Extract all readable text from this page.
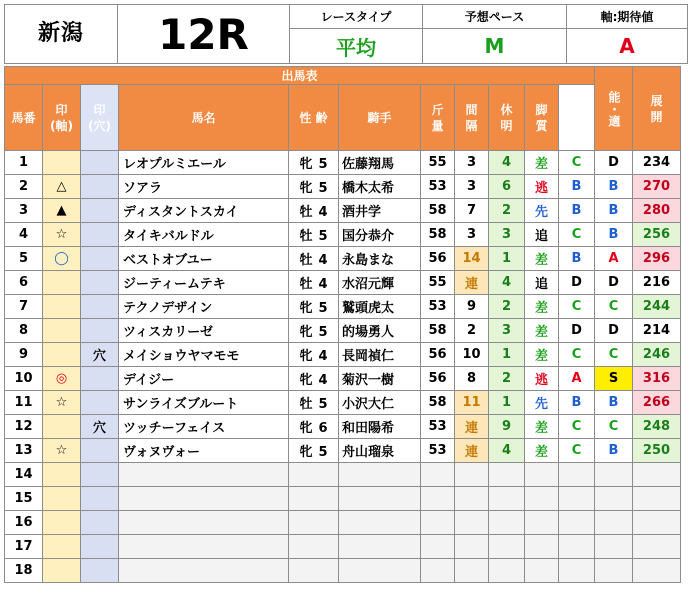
新潟	12R	レースタイプ	予想ペース	軸:期待値
		平均	M	A
出馬表											能・適	展開

馬番	印(軸)	印(穴)	馬名	性 齢	騎手	斤量	間隔	休明	脚質			

1			レオプルミエール	牝 5	佐藤翔馬	55	3	4	差	C	D	234
2	△		ソアラ	牝 5	橋木太希	53	3	6	逃	B	B	270
3	▲		ディスタントスカイ	牡 4	酒井学	58	7	2	先	B	B	280
4	☆		タイキバルドル	牡 5	国分恭介	58	3	3	追	C	B	256
5	◯		ベストオブユー	牡 4	永島まな	56	14	1	差	B	A	296
6			ジーティームテキ	牡 4	水沼元輝	55	連	4	追	D	D	216
7			テクノデザイン	牝 5	鷲頭虎太	53	9	2	差	C	C	244
8			ツィスカリーゼ	牝 5	的場勇人	58	2	3	差	D	D	214
9		穴	メイショウヤマモモ	牝 4	長岡禎仁	56	10	1	差	C	C	246
10	◎		デイジー	牝 4	菊沢一樹	56	8	2	逃	A	S	316
11	☆		サンライズブルート	牡 5	小沢大仁	58	11	1	先	B	B	266
12		穴	ツッチーフェイス	牝 6	和田陽希	53	連	9	差	C	C	248
13	☆		ヴォヌヴォー	牝 5	舟山瑠泉	53	連	4	差	C	B	250
14												
15												
16												
17												
18												
